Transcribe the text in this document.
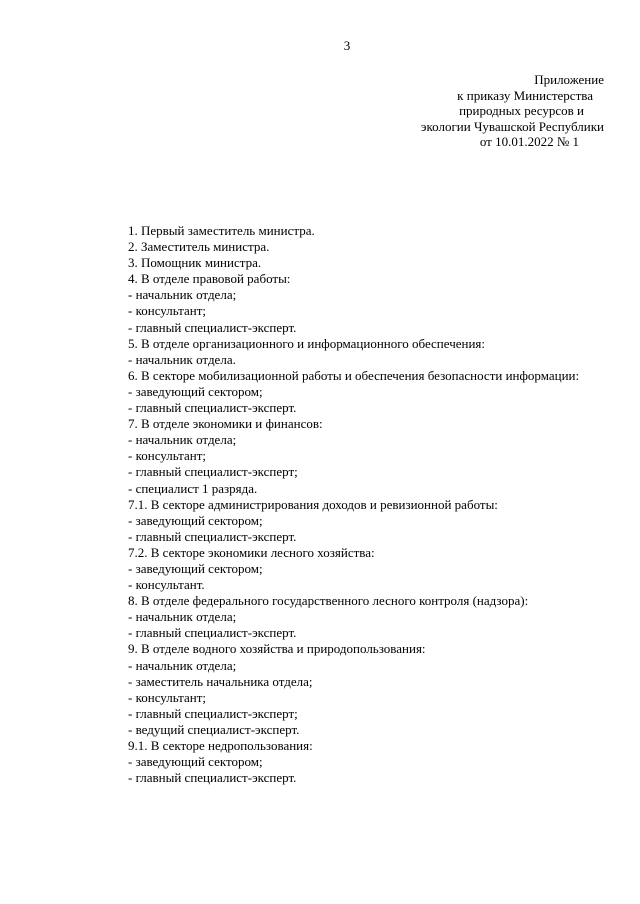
3
Приложение
к приказу Министерства
природных ресурсов и
экологии Чувашской Республики
от 10.01.2022 № 1
1. Первый заместитель министра.
2. Заместитель министра.
3. Помощник министра.
4. В отделе правовой работы:
- начальник отдела;
- консультант;
- главный специалист-эксперт.
5. В отделе организационного и информационного обеспечения:
- начальник отдела.
6. В секторе мобилизационной работы и обеспечения безопасности информации:
- заведующий сектором;
- главный специалист-эксперт.
7. В отделе экономики и финансов:
- начальник отдела;
- консультант;
- главный специалист-эксперт;
- специалист 1 разряда.
7.1. В секторе администрирования доходов и ревизионной работы:
- заведующий сектором;
- главный специалист-эксперт.
7.2. В секторе экономики лесного хозяйства:
- заведующий сектором;
- консультант.
8. В отделе федерального государственного лесного контроля (надзора):
- начальник отдела;
- главный специалист-эксперт.
9. В отделе водного хозяйства и природопользования:
- начальник отдела;
- заместитель начальника отдела;
- консультант;
- главный специалист-эксперт;
- ведущий специалист-эксперт.
9.1. В секторе недропользования:
- заведующий сектором;
- главный специалист-эксперт.
